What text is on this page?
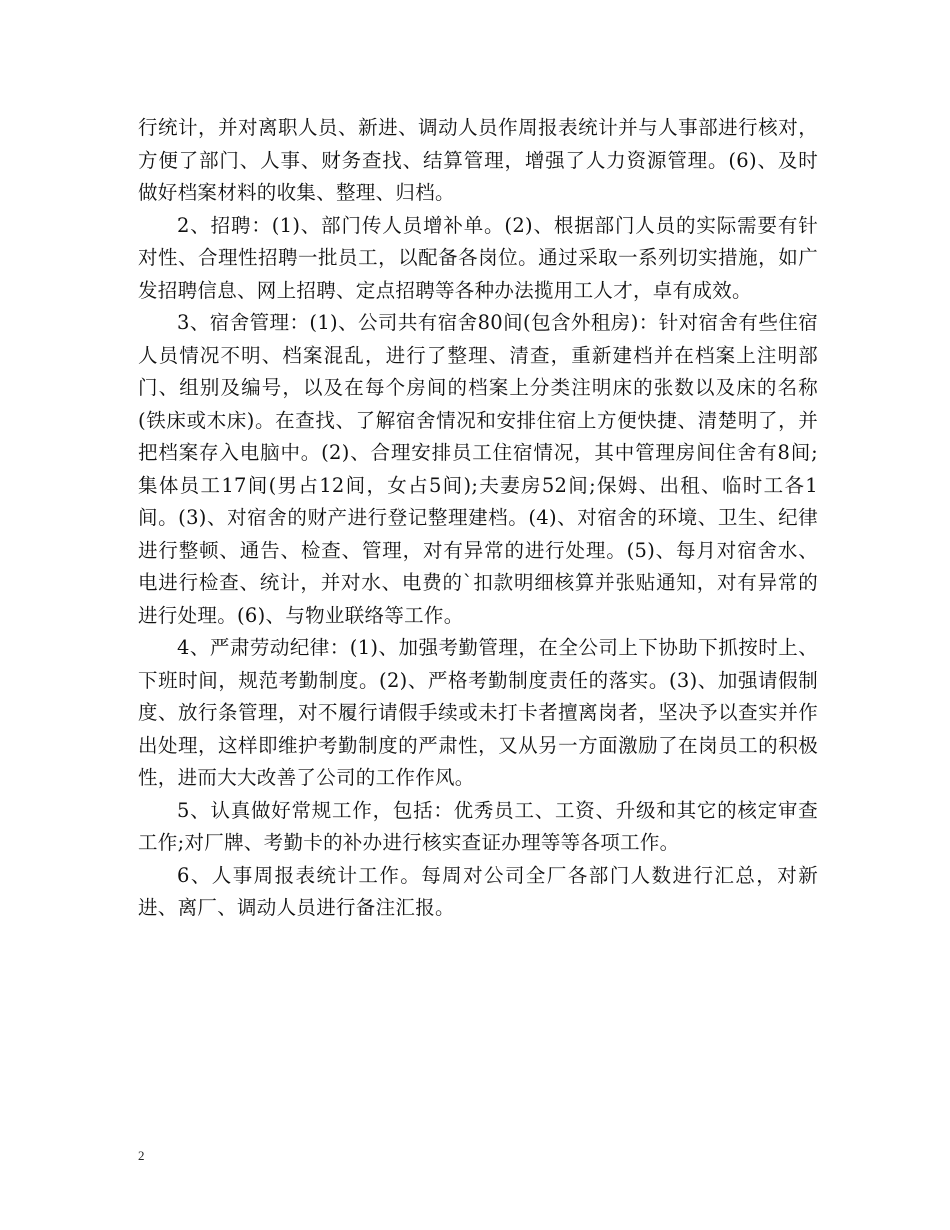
行统计，并对离职人员、新进、调动人员作周报表统计并与人事部进行核对，方便了部门、人事、财务查找、结算管理，增强了人力资源管理。(6)、及时做好档案材料的收集、整理、归档。

2、招聘：(1)、部门传人员增补单。(2)、根据部门人员的实际需要有针对性、合理性招聘一批员工，以配备各岗位。通过采取一系列切实措施，如广发招聘信息、网上招聘、定点招聘等各种办法揽用工人才，卓有成效。

3、宿舍管理：(1)、公司共有宿舍80间(包含外租房)：针对宿舍有些住宿人员情况不明、档案混乱，进行了整理、清查，重新建档并在档案上注明部门、组别及编号，以及在每个房间的档案上分类注明床的张数以及床的名称(铁床或木床)。在查找、了解宿舍情况和安排住宿上方便快捷、清楚明了，并把档案存入电脑中。(2)、合理安排员工住宿情况，其中管理房间住舍有8间;集体员工17间(男占12间，女占5间);夫妻房52间;保姆、出租、临时工各1间。(3)、对宿舍的财产进行登记整理建档。(4)、对宿舍的环境、卫生、纪律进行整顿、通告、检查、管理，对有异常的进行处理。(5)、每月对宿舍水、电进行检查、统计，并对水、电费的`扣款明细核算并张贴通知，对有异常的进行处理。(6)、与物业联络等工作。

4、严肃劳动纪律：(1)、加强考勤管理，在全公司上下协助下抓按时上、下班时间，规范考勤制度。(2)、严格考勤制度责任的落实。(3)、加强请假制度、放行条管理，对不履行请假手续或未打卡者擅离岗者，坚决予以查实并作出处理，这样即维护考勤制度的严肃性，又从另一方面激励了在岗员工的积极性，进而大大改善了公司的工作作风。

5、认真做好常规工作，包括：优秀员工、工资、升级和其它的核定审查工作;对厂牌、考勤卡的补办进行核实查证办理等等各项工作。

6、人事周报表统计工作。每周对公司全厂各部门人数进行汇总，对新进、离厂、调动人员进行备注汇报。

2
